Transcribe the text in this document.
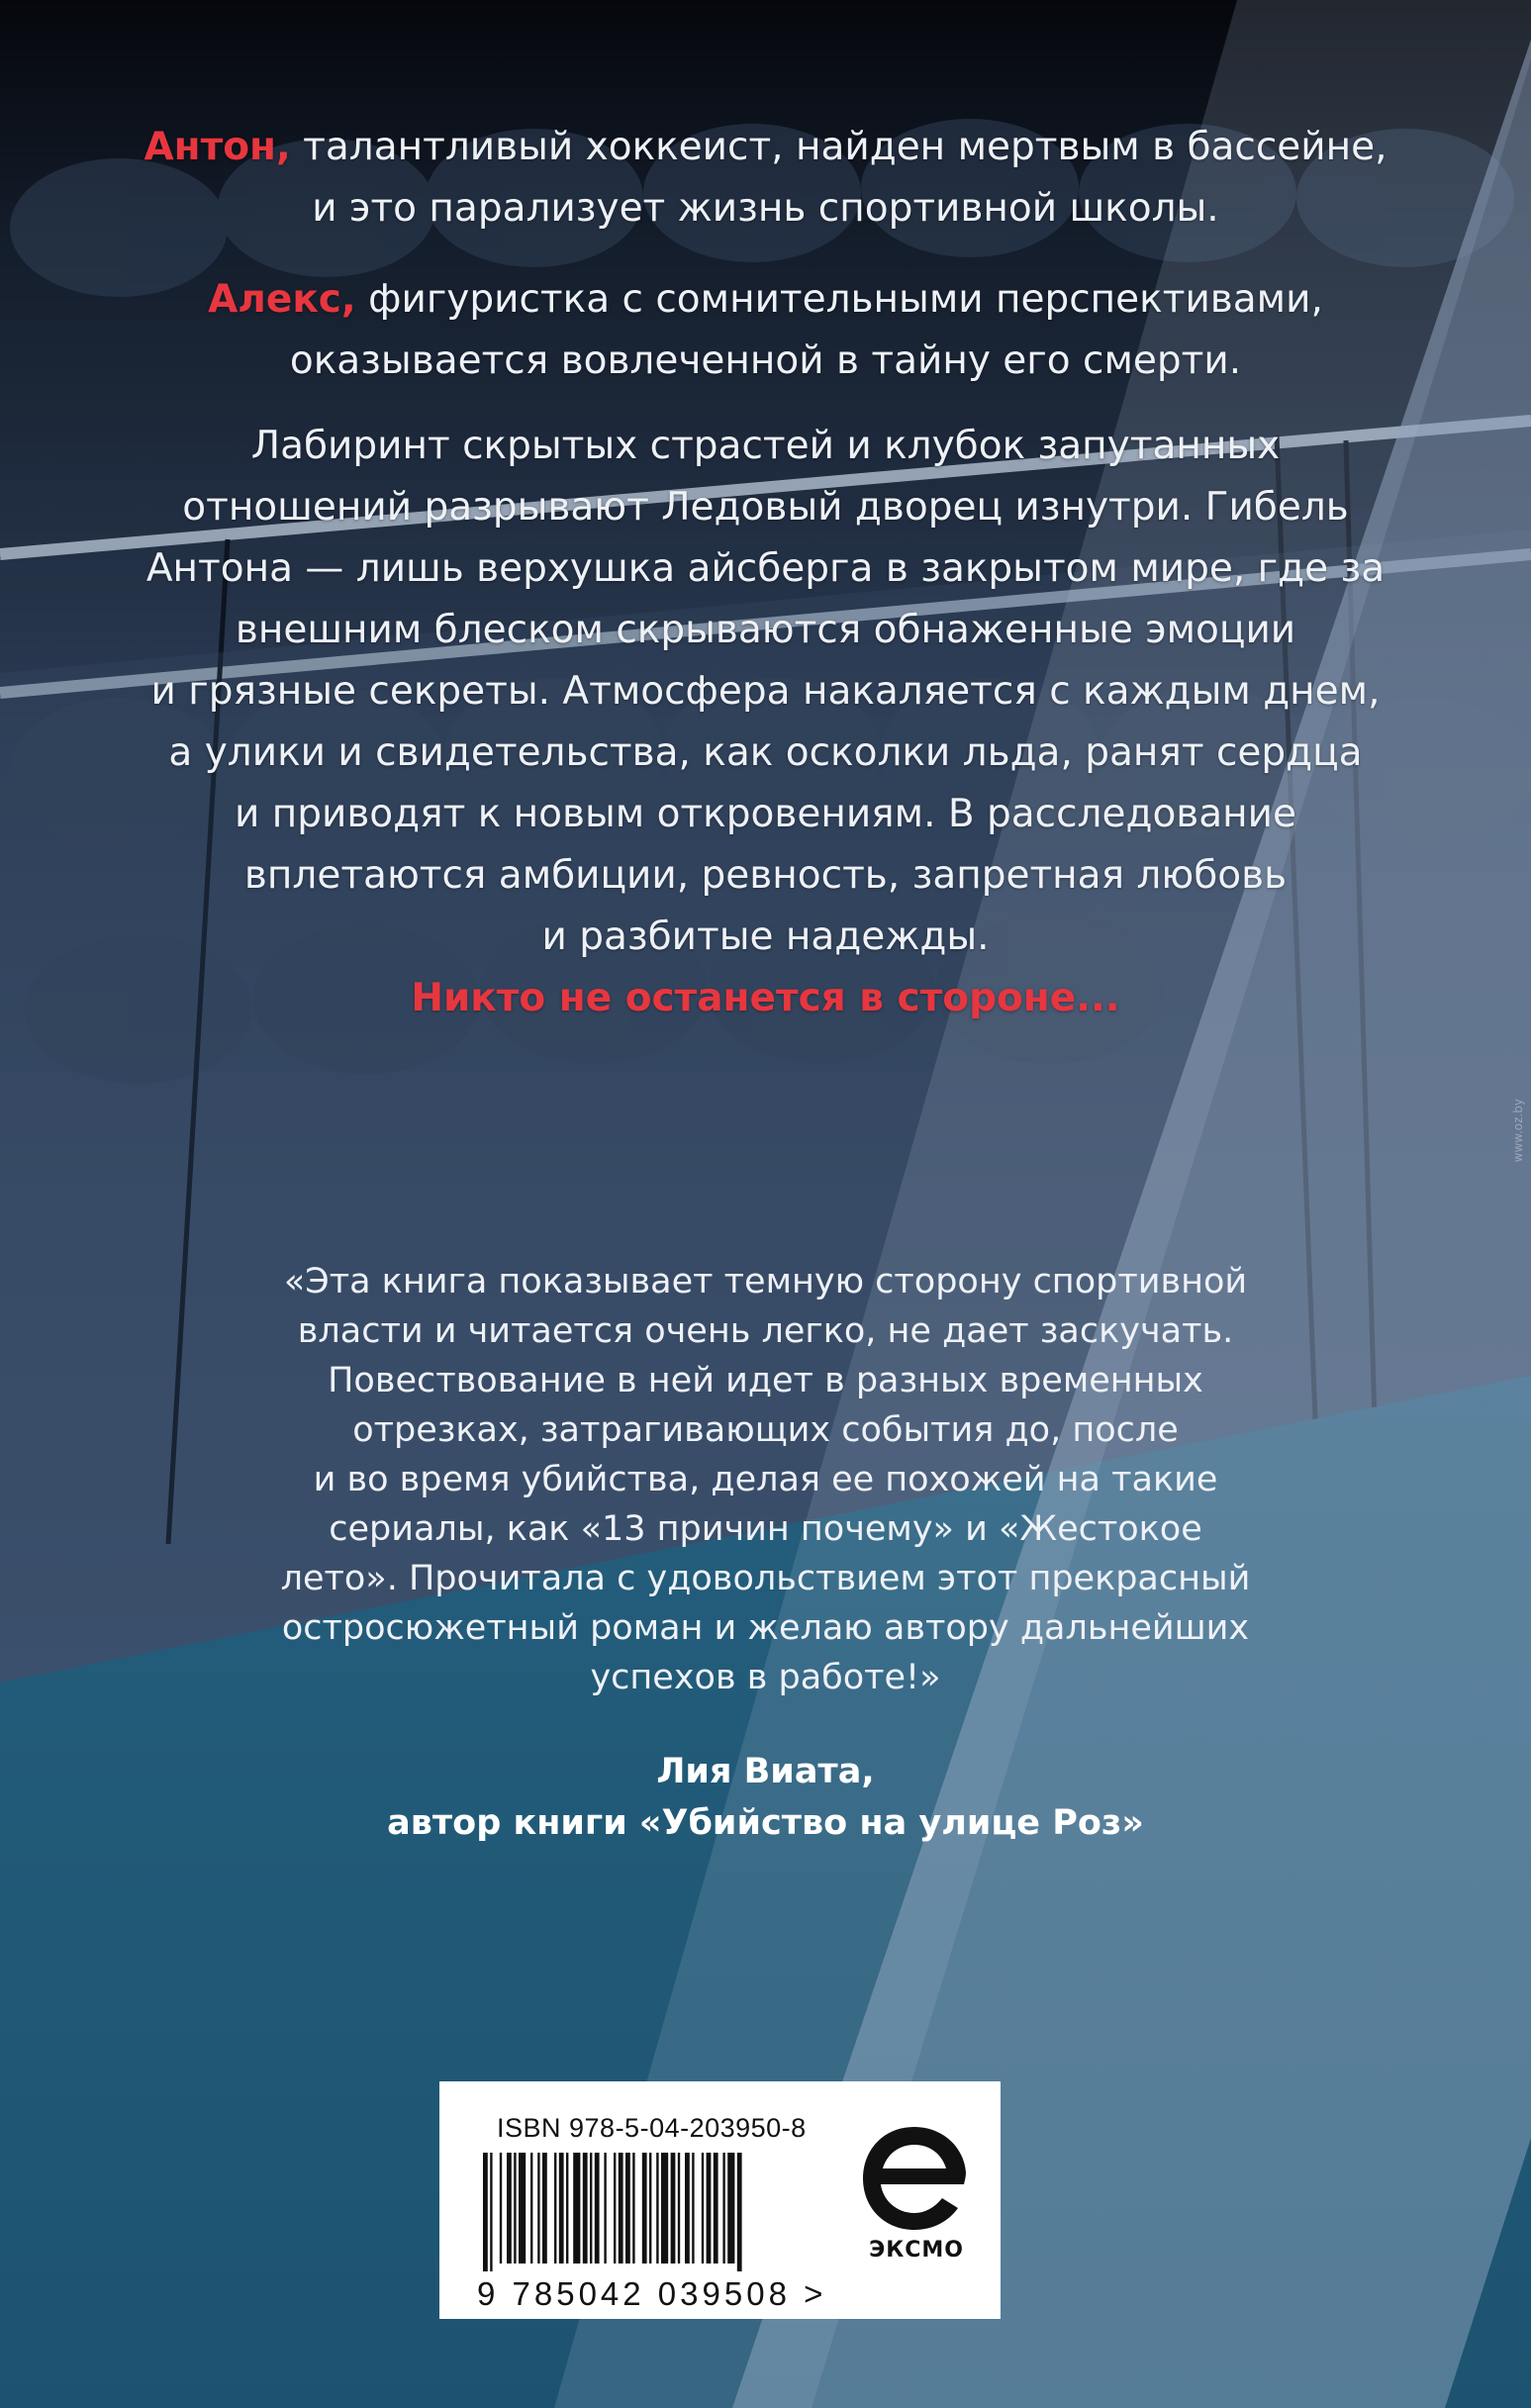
Антон, талантливый хоккеист, найден мертвым в бассейне,
и это парализует жизнь спортивной школы.
Алекс, фигуристка с сомнительными перспективами,
оказывается вовлеченной в тайну его смерти.
Лабиринт скрытых страстей и клубок запутанных
отношений разрывают Ледовый дворец изнутри. Гибель
Антона — лишь верхушка айсберга в закрытом мире, где за
внешним блеском скрываются обнаженные эмоции
и грязные секреты. Атмосфера накаляется с каждым днем,
а улики и свидетельства, как осколки льда, ранят сердца
и приводят к новым откровениям. В расследование
вплетаются амбиции, ревность, запретная любовь
и разбитые надежды.
Никто не останется в стороне...
«Эта книга показывает темную сторону спортивной
власти и читается очень легко, не дает заскучать.
Повествование в ней идет в разных временных
отрезках, затрагивающих события до, после
и во время убийства, делая ее похожей на такие
сериалы, как «13 причин почему» и «Жестокое
лето». Прочитала с удовольствием этот прекрасный
остросюжетный роман и желаю автору дальнейших
успехов в работе!»
Лия Виата,
автор книги «Убийство на улице Роз»
ISBN 978-5-04-203950-8
9 785042 039508 >
ЭКСМО
www.oz.by
